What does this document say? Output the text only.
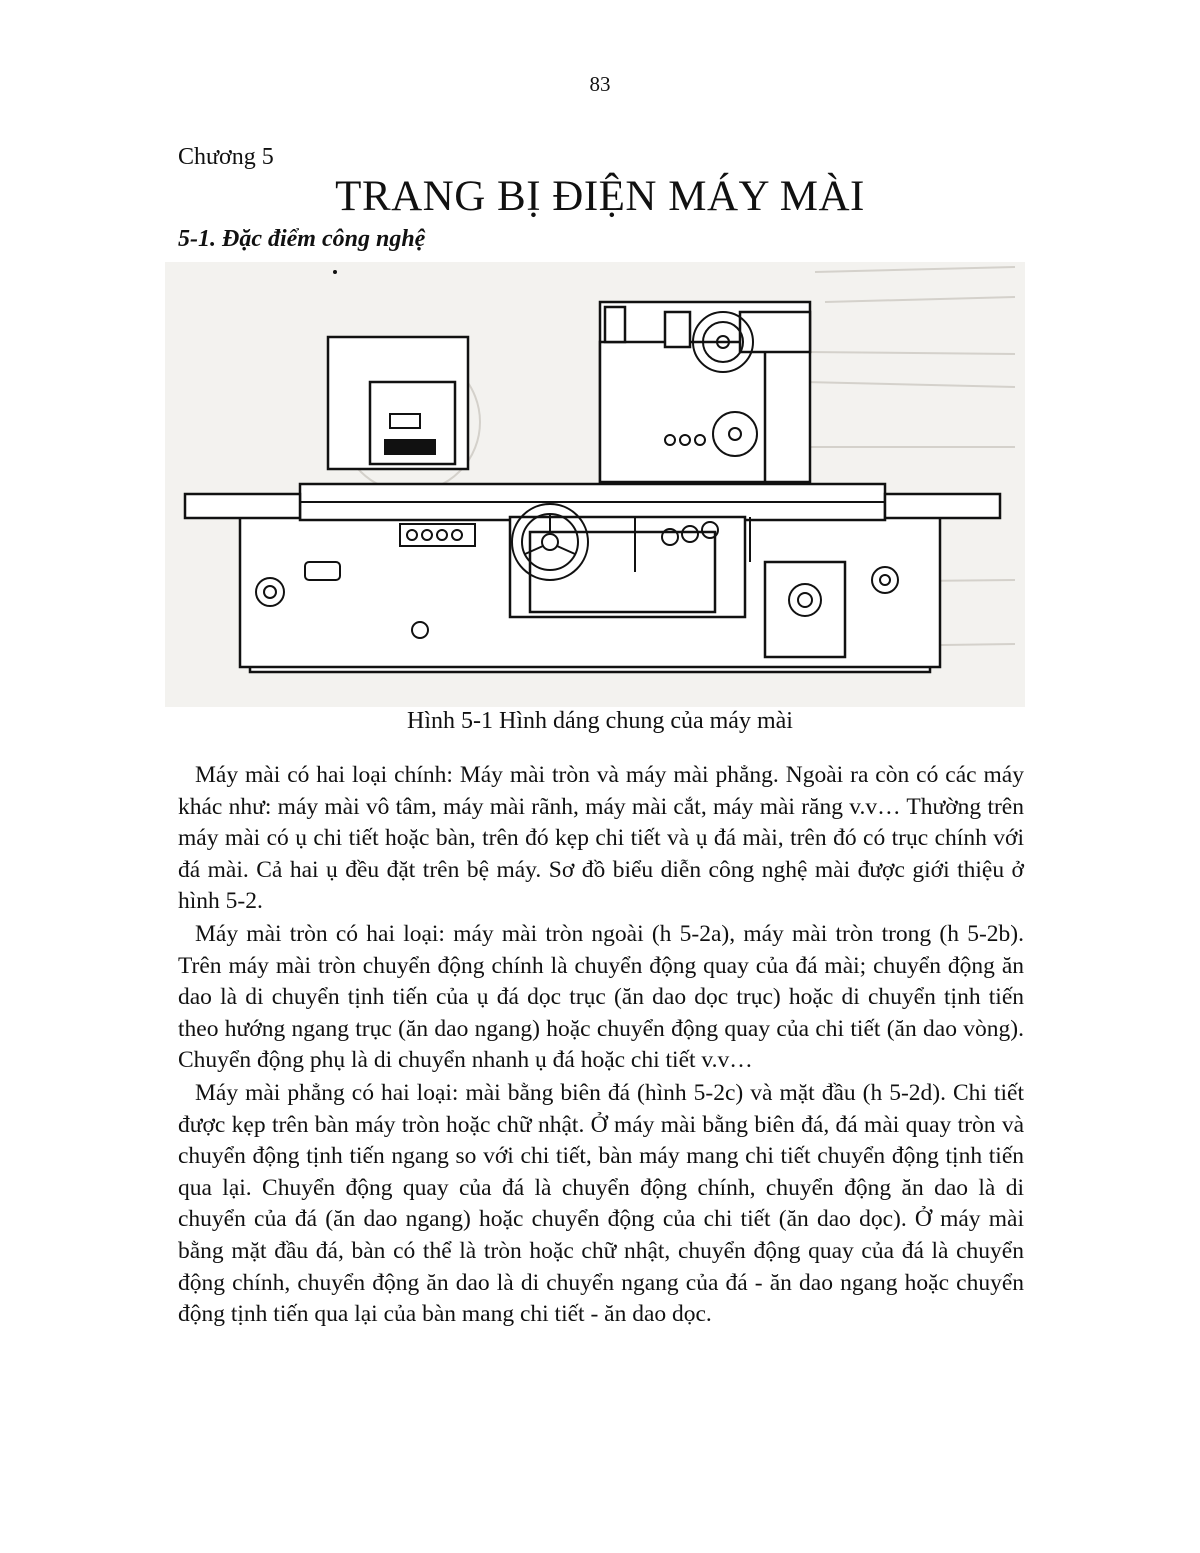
83
Chương 5
TRANG BỊ ĐIỆN MÁY MÀI
5-1. Đặc điểm công nghệ
Hình 5-1 Hình dáng chung của máy mài

Máy mài có hai loại chính: Máy mài tròn và máy mài phẳng. Ngoài ra còn có các máy khác như: máy mài vô tâm, máy mài rãnh, máy mài cắt, máy mài răng v.v… Thường trên máy mài có ụ chi tiết hoặc bàn, trên đó kẹp chi tiết và ụ đá mài, trên đó có trục chính với đá mài. Cả hai ụ đều đặt trên bệ máy. Sơ đồ biểu diễn công nghệ mài được giới thiệu ở hình 5-2.

Máy mài tròn có hai loại: máy mài tròn ngoài (h 5-2a), máy mài tròn trong (h 5-2b). Trên máy mài tròn chuyển động chính là chuyển động quay của đá mài; chuyển động ăn dao là di chuyển tịnh tiến của ụ đá dọc trục (ăn dao dọc trục) hoặc di chuyển tịnh tiến theo hướng ngang trục (ăn dao ngang) hoặc chuyển động quay của chi tiết (ăn dao vòng). Chuyển động phụ là di chuyển nhanh ụ đá hoặc chi tiết v.v…

Máy mài phẳng có hai loại: mài bằng biên đá (hình 5-2c) và mặt đầu (h 5-2d). Chi tiết được kẹp trên bàn máy tròn hoặc chữ nhật. Ở máy mài bằng biên đá, đá mài quay tròn và chuyển động tịnh tiến ngang so với chi tiết, bàn máy mang chi tiết chuyển động tịnh tiến qua lại. Chuyển động quay của đá là chuyển động chính, chuyển động ăn dao là di chuyển của đá (ăn dao ngang) hoặc chuyển động của chi tiết (ăn dao dọc). Ở máy mài bằng mặt đầu đá, bàn có thể là tròn hoặc chữ nhật, chuyển động quay của đá là chuyển động chính, chuyển động ăn dao là di chuyển ngang của đá - ăn dao ngang hoặc chuyển động tịnh tiến qua lại của bàn mang chi tiết - ăn dao dọc.
